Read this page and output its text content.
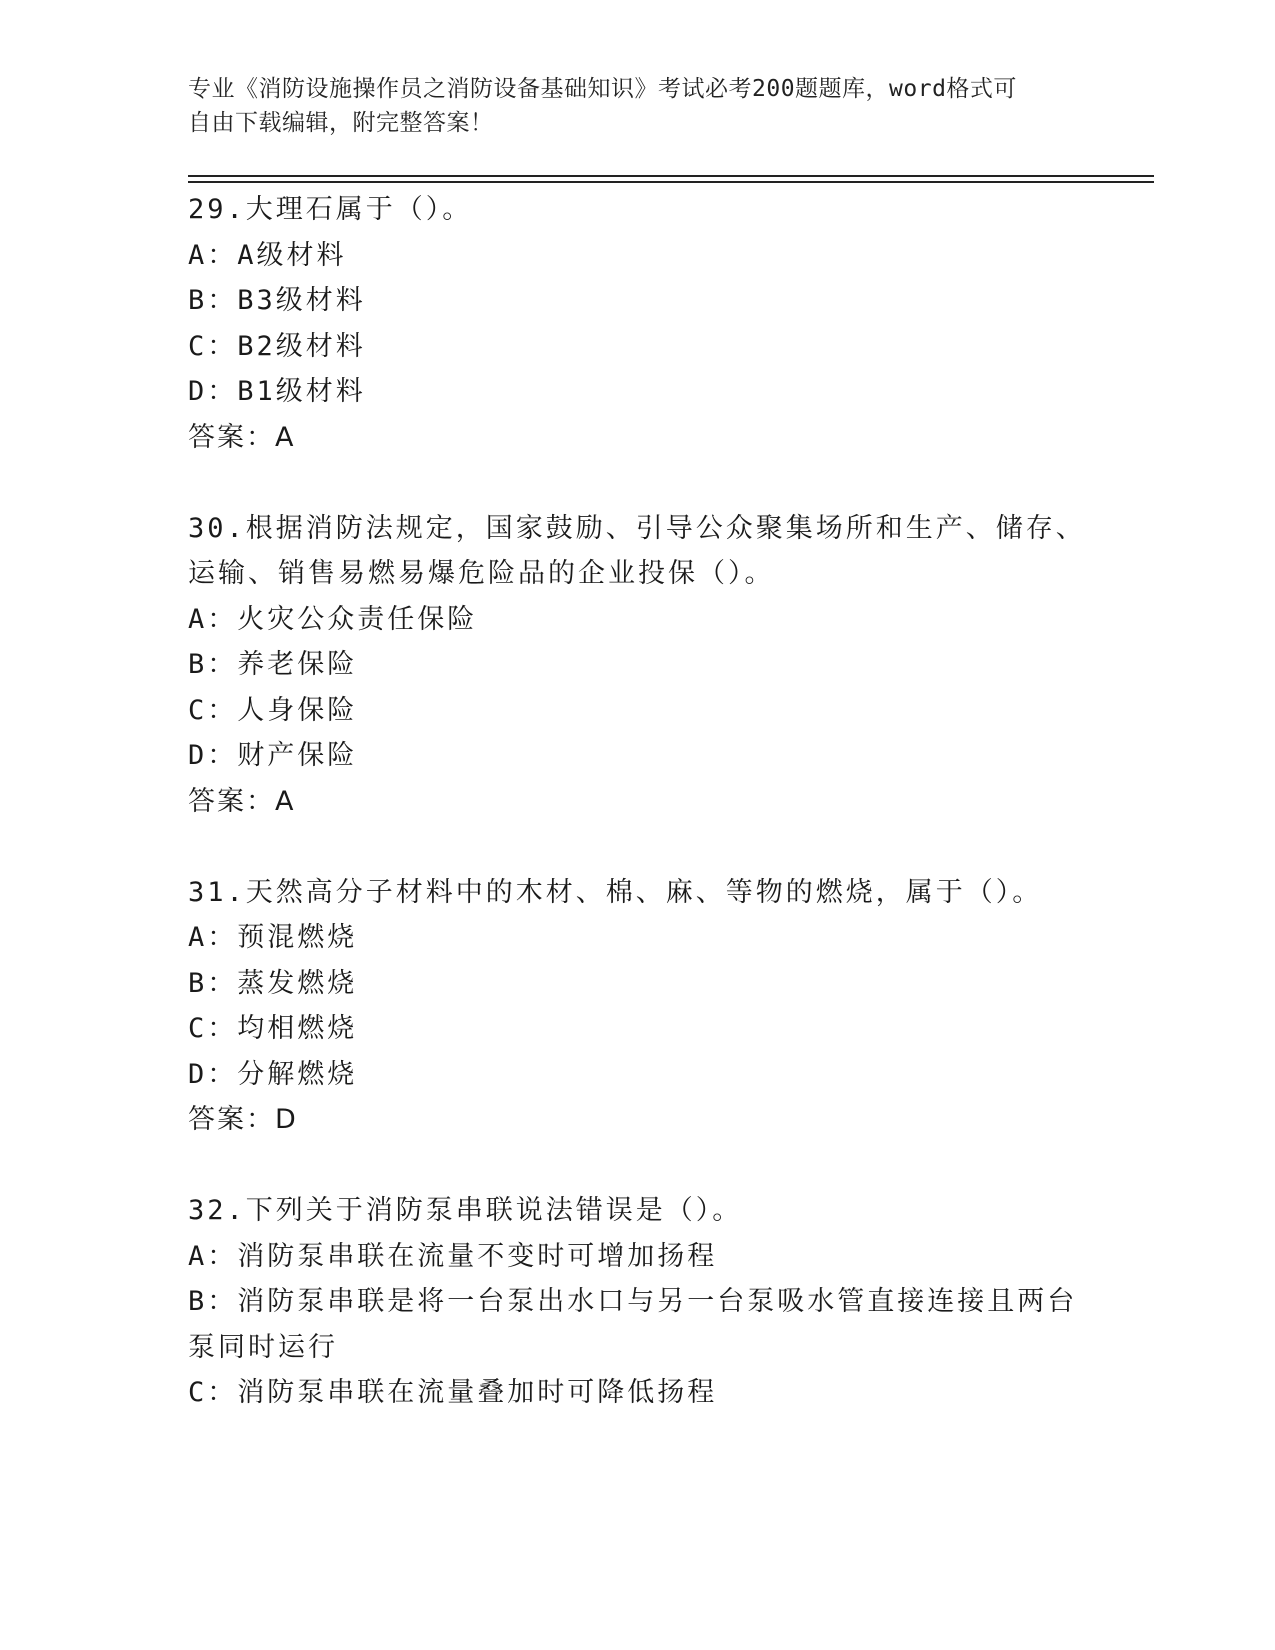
专业《消防设施操作员之消防设备基础知识》考试必考200题题库，word格式可
自由下载编辑，附完整答案！
29.大理石属于（）。
A：A级材料
B：B3级材料
C：B2级材料
D：B1级材料
答案：A
30.根据消防法规定，国家鼓励、引导公众聚集场所和生产、储存、运输、销售易燃易爆危险品的企业投保（）。
A：火灾公众责任保险
B：养老保险
C：人身保险
D：财产保险
答案：A
31.天然高分子材料中的木材、棉、麻、等物的燃烧，属于（）。
A：预混燃烧
B：蒸发燃烧
C：均相燃烧
D：分解燃烧
答案：D
32.下列关于消防泵串联说法错误是（）。
A：消防泵串联在流量不变时可增加扬程
B：消防泵串联是将一台泵出水口与另一台泵吸水管直接连接且两台泵同时运行
C：消防泵串联在流量叠加时可降低扬程
